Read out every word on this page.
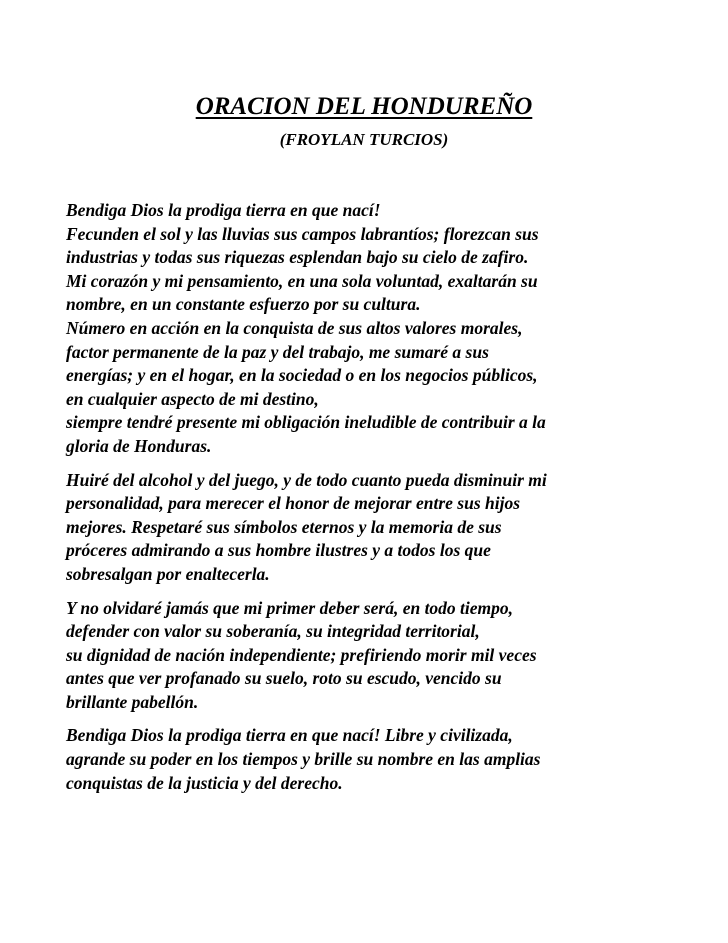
ORACION DEL HONDUREÑO
(FROYLAN TURCIOS)
Bendiga Dios la prodiga tierra en que nací!
Fecunden el sol y las lluvias sus campos labrantíos; florezcan sus
industrias y todas sus riquezas esplendan bajo su cielo de zafiro.
Mi corazón y mi pensamiento, en una sola voluntad, exaltarán su
nombre, en un constante esfuerzo por su cultura.
Número en acción en la conquista de sus altos valores morales,
factor permanente de la paz y del trabajo, me sumaré a sus
energías; y en el hogar, en la sociedad o en los negocios públicos,
en cualquier aspecto de mi destino,
siempre tendré presente mi obligación ineludible de contribuir a la
gloria de Honduras.
Huiré del alcohol y del juego, y de todo cuanto pueda disminuir mi
personalidad, para merecer el honor de mejorar entre sus hijos
mejores. Respetaré sus símbolos eternos y la memoria de sus
próceres admirando a sus hombre ilustres y a todos los que
sobresalgan por enaltecerla.
Y no olvidaré jamás que mi primer deber será, en todo tiempo,
defender con valor su soberanía, su integridad territorial,
su dignidad de nación independiente; prefiriendo morir mil veces
antes que ver profanado su suelo, roto su escudo, vencido su
brillante pabellón.
Bendiga Dios la prodiga tierra en que nací! Libre y civilizada,
agrande su poder en los tiempos y brille su nombre en las amplias
conquistas de la justicia y del derecho.
